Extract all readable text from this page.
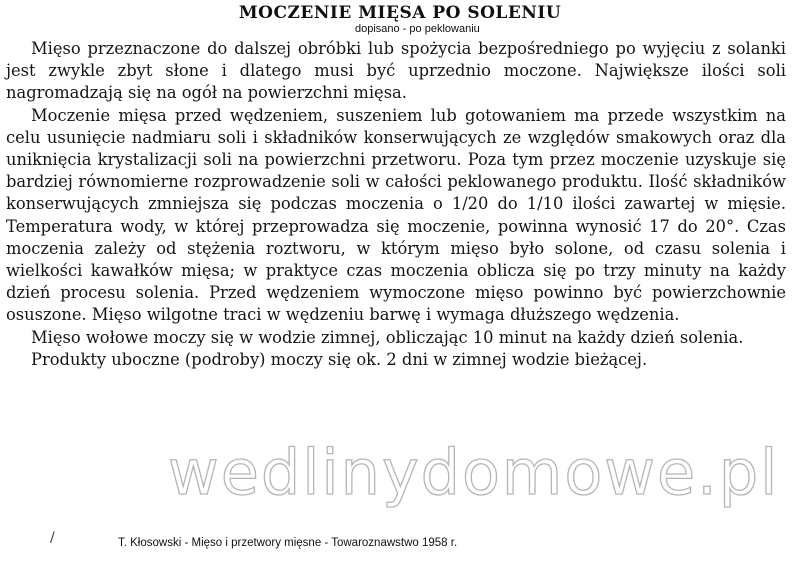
MOCZENIE MIĘSA PO SOLENIU
dopisano - po peklowaniu

Mięso przeznaczone do dalszej obróbki lub spożycia bezpośredniego po wyjęciu z solanki jest zwykle zbyt słone i dlatego musi być uprzednio moczone. Największe ilości soli nagromadzają się na ogół na powierzchni mięsa.

Moczenie mięsa przed wędzeniem, suszeniem lub gotowaniem ma przede wszystkim na celu usunięcie nadmiaru soli i składników konserwujących ze względów smakowych oraz dla uniknięcia krystalizacji soli na powierzchni przetworu. Poza tym przez moczenie uzyskuje się bardziej równomierne rozprowadzenie soli w całości peklowanego produktu. Ilość składników konserwujących zmniejsza się podczas moczenia o 1/20 do 1/10 ilości zawartej w mięsie. Temperatura wody, w której przeprowadza się moczenie, powinna wynosić 17 do 20°. Czas moczenia zależy od stężenia roztworu, w którym mięso było solone, od czasu solenia i wielkości kawałków mięsa; w praktyce czas moczenia oblicza się po trzy minuty na każdy dzień procesu solenia. Przed wędzeniem wymoczone mięso powinno być powierzchownie osuszone. Mięso wilgotne traci w wędzeniu barwę i wymaga dłuższego wędzenia.

Mięso wołowe moczy się w wodzie zimnej, obliczając 10 minut na każdy dzień solenia.

Produkty uboczne (podroby) moczy się ok. 2 dni w zimnej wodzie bieżącej.

wedlinydomowe.pl
/	T. Kłosowski - Mięso i przetwory mięsne - Towaroznawstwo 1958 r.
